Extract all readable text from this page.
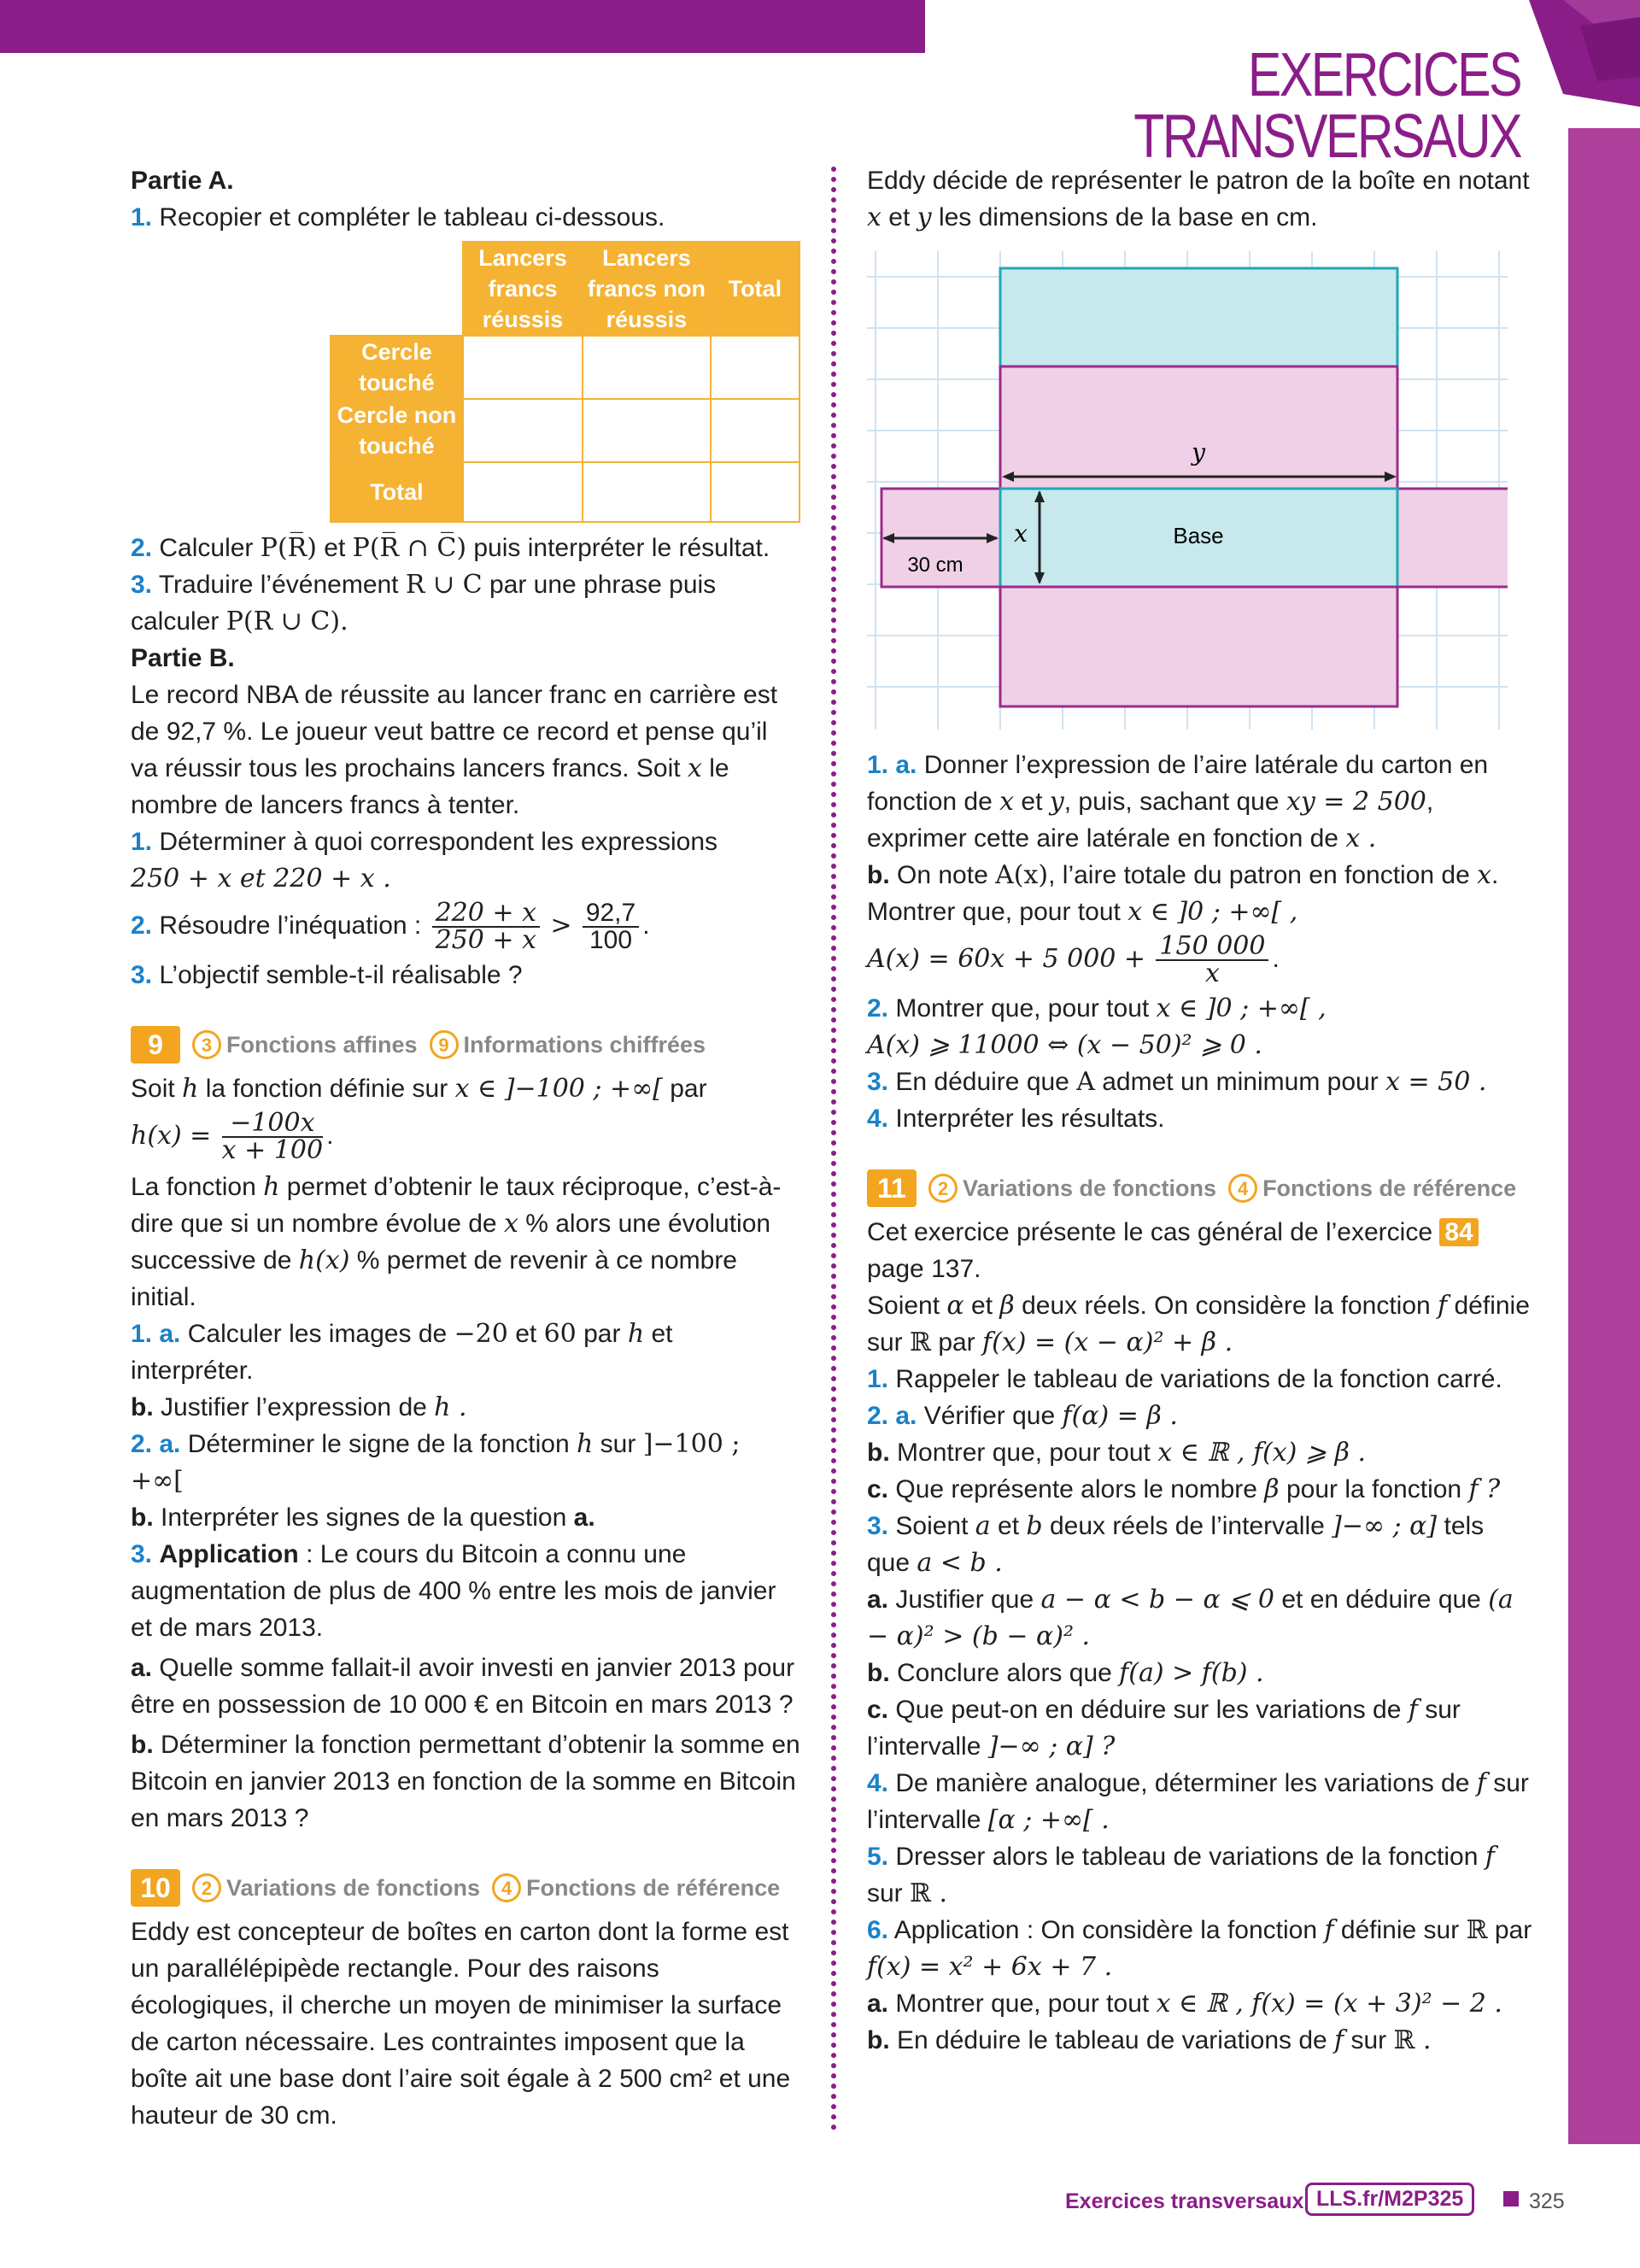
EXERCICES TRANSVERSAUX

Partie A.

1. Recopier et compléter le tableau ci-dessous.

	Lancers francs réussis	Lancers francs non réussis	Total
Cercle touché			
Cercle non touché			
Total			

2. Calculer P(R̅) et P(R̅ ∩ C̅) puis interpréter le résultat.

3. Traduire l’événement R ∪ C par une phrase puis calculer P(R ∪ C).

Partie B.

Le record NBA de réussite au lancer franc en carrière est de 92,7 %. Le joueur veut battre ce record et pense qu’il va réussir tous les prochains lancers francs. Soit x le nombre de lancers francs à tenter.

1. Déterminer à quoi correspondent les expressions
250 + x et 220 + x .

2. Résoudre l’inéquation : $\frac{220 + x}{250 + x} > \frac{92,7}{100}$ .

3. L’objectif semble-t-il réalisable ?

9	3 Fonctions affines	9 Informations chiffrées

Soit h la fonction définie sur x ∈ ]−100 ; +∞[ par

$h(x) = \frac{-100x}{x + 100}$ .

La fonction h permet d’obtenir le taux réciproque, c’est-à-dire que si un nombre évolue de x % alors une évolution successive de h(x) % permet de revenir à ce nombre initial.

1. a. Calculer les images de −20 et 60 par h et interpréter.

b. Justifier l’expression de h .

2. a. Déterminer le signe de la fonction h sur ]−100 ; +∞[

b. Interpréter les signes de la question a.

3. Application : Le cours du Bitcoin a connu une augmentation de plus de 400 % entre les mois de janvier et de mars 2013.

a. Quelle somme fallait-il avoir investi en janvier 2013 pour être en possession de 10 000 € en Bitcoin en mars 2013 ?

b. Déterminer la fonction permettant d’obtenir la somme en Bitcoin en janvier 2013 en fonction de la somme en Bitcoin en mars 2013 ?

10	2 Variations de fonctions	4 Fonctions de référence

Eddy est concepteur de boîtes en carton dont la forme est un parallélépipède rectangle. Pour des raisons écologiques, il cherche un moyen de minimiser la surface de carton nécessaire. Les contraintes imposent que la boîte ait une base dont l’aire soit égale à 2 500 cm² et une hauteur de 30 cm.

Eddy décide de représenter le patron de la boîte en notant x et y les dimensions de la base en cm.

y
x	Base
30 cm

1. a. Donner l’expression de l’aire latérale du carton en fonction de x et y, puis, sachant que xy = 2 500, exprimer cette aire latérale en fonction de x .

b. On note A(x), l’aire totale du patron en fonction de x. Montrer que, pour tout x ∈ ]0 ; +∞[ ,

A(x) = 60x + 5 $000 + \frac{150 000}{x}$ .

2. Montrer que, pour tout x ∈ ]0 ; +∞[ ,
A(x) ⩾ 11000 ⇔ (x − 50)² ⩾ 0 .

3. En déduire que A admet un minimum pour x = 50 .

4. Interpréter les résultats.

11	2 Variations de fonctions	4 Fonctions de référence

Cet exercice présente le cas général de l’exercice 84 page 137.

Soient α et β deux réels. On considère la fonction f définie sur ℝ par f(x) = (x − α)² + β .

1. Rappeler le tableau de variations de la fonction carré.

2. a. Vérifier que f(α) = β .

b. Montrer que, pour tout x ∈ ℝ , f(x) ⩾ β .

c. Que représente alors le nombre β pour la fonction f ?

3. Soient a et b deux réels de l’intervalle ]−∞ ; α] tels que a < b .

a. Justifier que a − α < b − α ⩽ 0 et en déduire que (a − α)² > (b − α)² .

b. Conclure alors que f(a) > f(b) .

c. Que peut-on en déduire sur les variations de f sur l’intervalle ]−∞ ; α] ?

4. De manière analogue, déterminer les variations de f sur l’intervalle [α ; +∞[ .

5. Dresser alors le tableau de variations de la fonction f sur ℝ .

6. Application : On considère la fonction f définie sur ℝ par f(x) = x² + 6x + 7 .

a. Montrer que, pour tout x ∈ ℝ , f(x) = (x + 3)² − 2 .

b. En déduire le tableau de variations de f sur ℝ .

Exercices transversaux LLS.fr/M2P325	325
